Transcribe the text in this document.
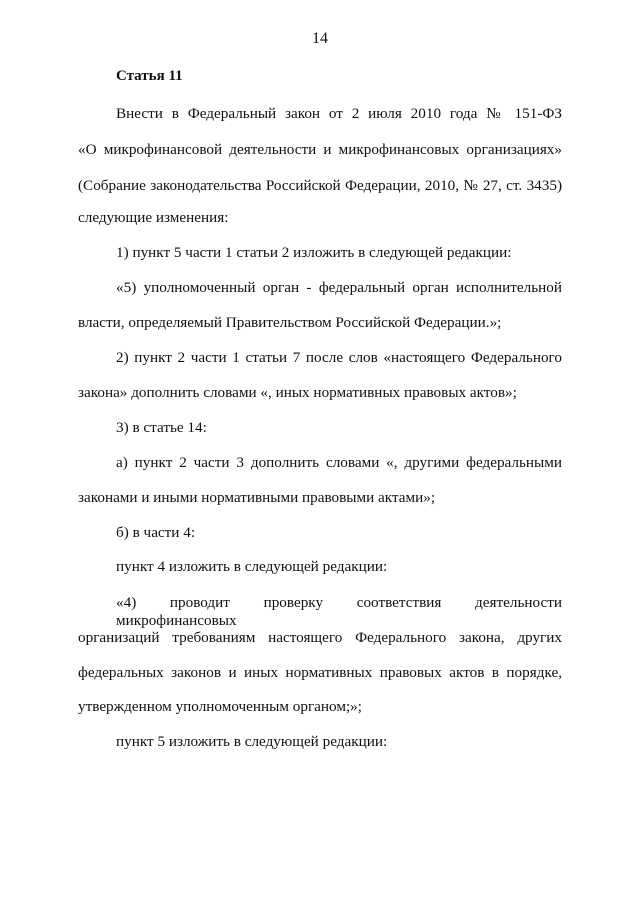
14
Статья 11
Внести в Федеральный закон от 2 июля 2010 года № 151-ФЗ
«О микрофинансовой деятельности и микрофинансовых организациях»
(Собрание законодательства Российской Федерации, 2010, № 27, ст. 3435)
следующие изменения:
1) пункт 5 части 1 статьи 2 изложить в следующей редакции:
«5) уполномоченный орган - федеральный орган исполнительной
власти, определяемый Правительством Российской Федерации.»;
2) пункт 2 части 1 статьи 7 после слов «настоящего Федерального
закона» дополнить словами «, иных нормативных правовых актов»;
3) в статье 14:
а) пункт 2 части 3 дополнить словами «, другими федеральными
законами и иными нормативными правовыми актами»;
б) в части 4:
пункт 4 изложить в следующей редакции:
«4) проводит проверку соответствия деятельности микрофинансовых
организаций требованиям настоящего Федерального закона, других
федеральных законов и иных нормативных правовых актов в порядке,
утвержденном уполномоченным органом;»;
пункт 5 изложить в следующей редакции:
